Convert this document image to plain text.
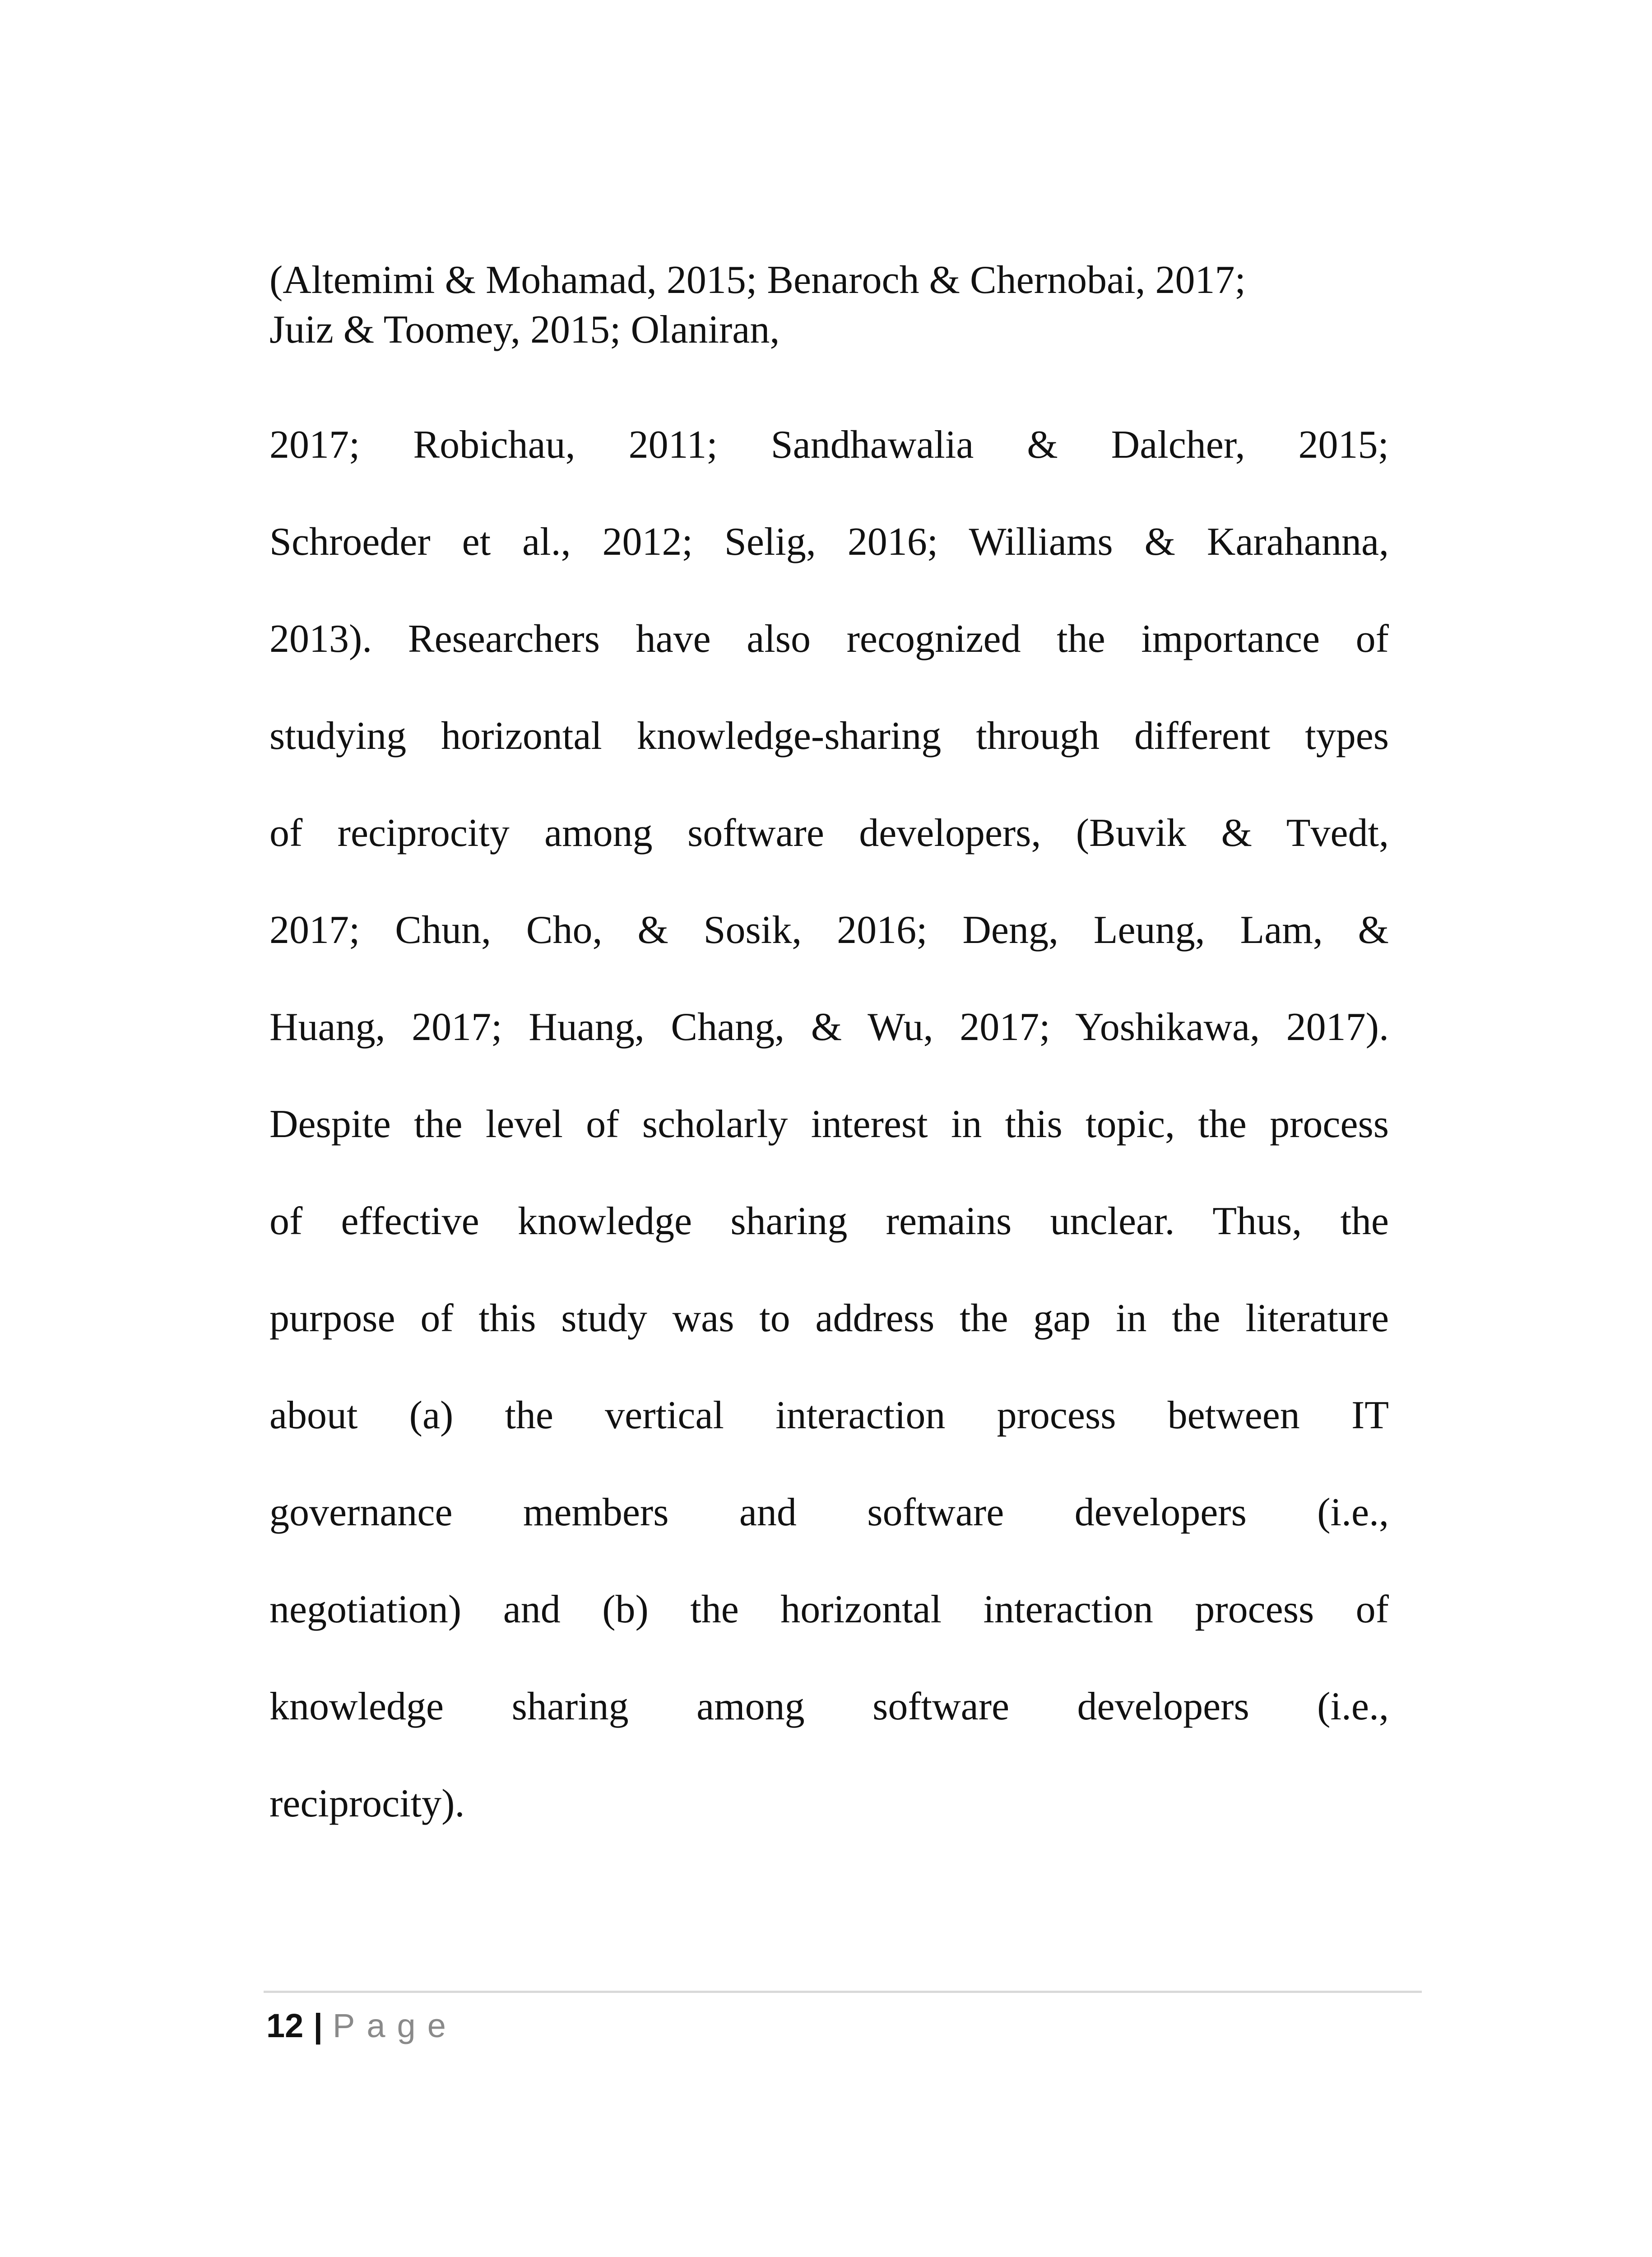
(Altemimi & Mohamad, 2015; Benaroch & Chernobai, 2017;
Juiz & Toomey, 2015; Olaniran,
2017; Robichau, 2011; Sandhawalia & Dalcher, 2015;
Schroeder et al., 2012; Selig, 2016; Williams & Karahanna,
2013). Researchers have also recognized the importance of
studying horizontal knowledge-sharing through different types
of reciprocity among software developers, (Buvik & Tvedt,
2017; Chun, Cho, & Sosik, 2016; Deng, Leung, Lam, &
Huang, 2017; Huang, Chang, & Wu, 2017; Yoshikawa, 2017).
Despite the level of scholarly interest in this topic, the process
of effective knowledge sharing remains unclear. Thus, the
purpose of this study was to address the gap in the literature
about (a) the vertical interaction process between IT
governance members and software developers (i.e.,
negotiation) and (b) the horizontal interaction process of
knowledge sharing among software developers (i.e.,
reciprocity).
12 | Page
